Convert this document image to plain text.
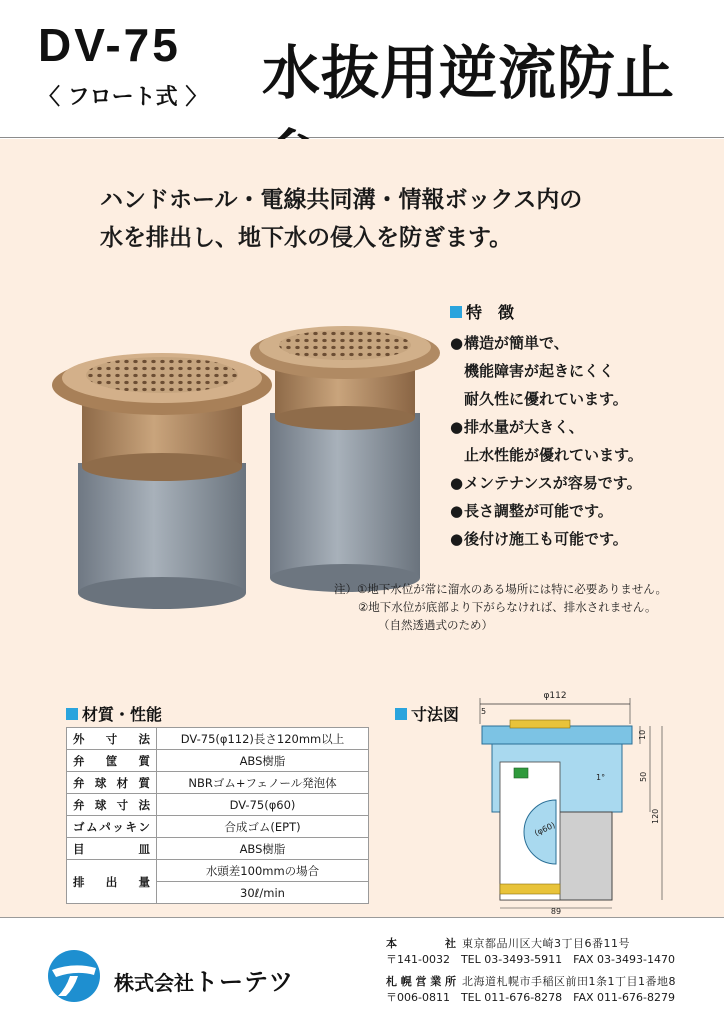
DV-75
〈 フロート式 〉 水抜用逆流防止
ハンドホール・電線共同溝・情報ボックス内の
水を排出し、地下水の侵入を防ぎます。
特　徴
●構造が簡単で、
機能障害が起きにくく
耐久性に優れています。
●排水量が大きく、
止水性能が優れています。
●メンテナンスが容易です。
●長さ調整が可能です。
●後付け施工も可能です。
注）①地下水位が常に溜水のある場所には特に必要ありません。
②地下水位が底部より下がらなければ、排水されません。
（自然透過式のため）
材質・性能
外寸法	DV-75(φ112)長さ120mm以上
弁筐質	ABS樹脂
弁球材質	NBRゴム+フェノール発泡体
弁球寸法	DV-75(φ60)
ゴムパッキン	合成ゴム(EPT)
目皿	ABS樹脂
排出量	水頭差100mmの場合
	30ℓ/min
寸法図
φ112
5
(φ60)
1°
10
50
120
89
株式会社トーテツ
本社 東京都品川区大崎3丁目6番11号
〒141-0032　TEL 03-3493-5911　FAX 03-3493-1470
札幌営業所 北海道札幌市手稲区前田1条1丁目1番地8
〒006-0811　TEL 011-676-8278　FAX 011-676-8279
